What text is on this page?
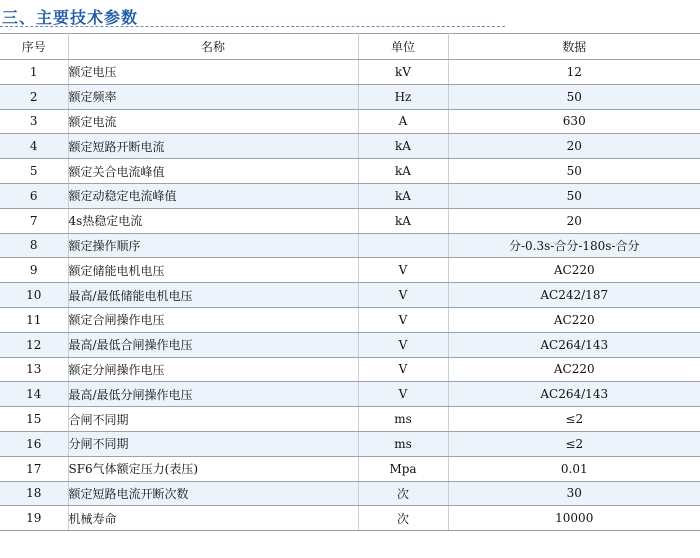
三、主要技术参数
序号	名称	单位	数据
1	额定电压	kV	12
2	额定频率	Hz	50
3	额定电流	A	630
4	额定短路开断电流	kA	20
5	额定关合电流峰值	kA	50
6	额定动稳定电流峰值	kA	50
7	4s热稳定电流	kA	20
8	额定操作顺序		分-0.3s-合分-180s-合分
9	额定储能电机电压	V	AC220
10	最高/最低储能电机电压	V	AC242/187
11	额定合闸操作电压	V	AC220
12	最高/最低合闸操作电压	V	AC264/143
13	额定分闸操作电压	V	AC220
14	最高/最低分闸操作电压	V	AC264/143
15	合闸不同期	ms	≤2
16	分闸不同期	ms	≤2
17	SF6气体额定压力(表压)	Mpa	0.01
18	额定短路电流开断次数	次	30
19	机械寿命	次	10000
